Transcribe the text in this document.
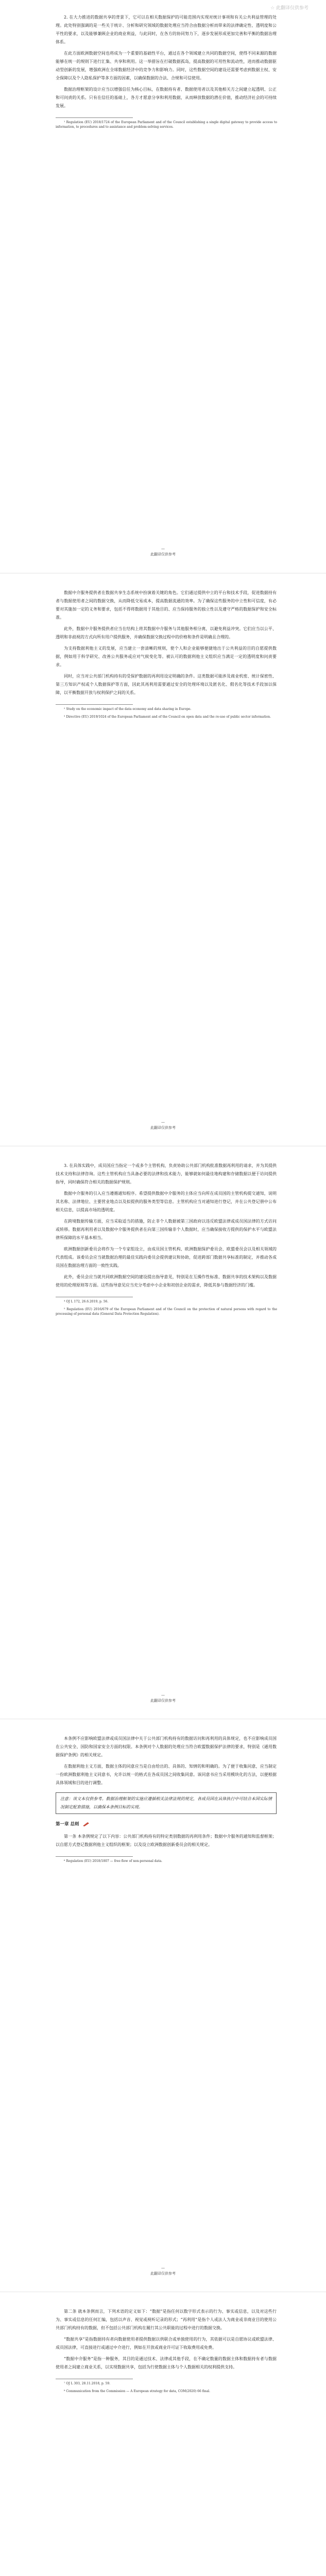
☆ 此翻译仅供参考

2. 在大力推进的数据共享的背景下，它可以在相关数据保护的可能范围内实现对统计事项和有关公共利益管理的处理。此处特别强调的是一些关于统计、分析和研究领域的数据处理应当符合由数据分析而带来的法律确定性、透明度和公平性的要求，以及能够兼顾企业的商业利益，与此同时，在各方的协同努力下，逐步发展形成更加完善和平衡的数据治理体系。

在此方面欧洲数据空间也将成为一个重要的基础性平台，通过在各个领域建立共同的数据空间，使得不同来源的数据能够在统一的规则下进行汇集、共享和利用。这一举措旨在打破数据孤岛，提高数据的可用性和流动性，进而推动数据驱动型创新的发展，增强欧洲在全球数据经济中的竞争力和影响力。同时，这些数据空间的建设还需要考虑到数据主权、安全保障以及个人隐私保护等多方面的因素，以确保数据的合法、合规和可信使用。

数据治理框架的设计应当以增强信任为核心目标，在数据持有者、数据使用者以及其他相关方之间建立起透明、公正和可问责的关系。只有在信任的基础上，各方才愿意分享和利用数据，从而释放数据的潜在价值，推动经济社会的可持续发展。

¹ Regulation (EU) 2018/1724 of the European Parliament and of the Council establishing a single digital gateway to provide access to information, to procedures and to assistance and problem-solving services.

—
此翻译仅供参考

数据中介服务提供者在数据共享生态系统中扮演着关键的角色。它们通过提供中立的平台和技术手段，促进数据持有者与数据使用者之间的数据交换，从而降低交易成本，提高数据流通的效率。为了确保这些服务的中立性和可信度，有必要对其施加一定的义务和要求，包括不得将数据用于其他目的、应当保持服务的独立性以及遵守严格的数据保护和安全标准。

此外，数据中介服务提供者应当在结构上将其数据中介服务与其他服务相分离，以避免利益冲突。它们应当以公平、透明和非歧视的方式向所有用户提供服务，并确保数据交换过程中的价格和条件是明确且合理的。

为支持数据利他主义的发展，应当建立一套清晰的规则，使个人和企业能够便捷地出于公共利益的目的自愿提供数据，例如用于科学研究、改善公共服务或应对气候变化等。被认可的数据利他主义组织应当满足一定的透明度和问责要求。

同时，应当对公共部门机构持有的受保护数据的再利用设定明确的条件。这类数据可能涉及商业机密、统计保密性、第三方知识产权或个人数据保护等方面，因此其再利用需要通过安全的处理环境以及匿名化、假名化等技术手段加以保障，以平衡数据开放与权利保护之间的关系。

² Study on the economic impact of the data economy and data sharing in Europe.

³ Directive (EU) 2019/1024 of the European Parliament and of the Council on open data and the re-use of public sector information.

—
此翻译仅供参考

3. 在具体实践中，成员国应当指定一个或多个主管机构，负责协助公共部门机构批准数据再利用的请求，并为其提供技术支持和法律咨询。这些主管机构应当具备必要的法律和技术能力，能够就如何最佳地构建和存储数据以便于访问提供指导，同时确保符合相关的数据保护规则。

数据中介服务的引入应当遵循通知程序。希望提供数据中介服务的主体应当向所在成员国的主管机构提交通知，说明其名称、法律地位、主要营业地点以及拟提供的服务类型等信息。主管机构应当对通知进行登记，并在公共登记册中公布相关信息，以提高市场的透明度。

在跨境数据传输方面，应当采取适当的措施，防止非个人数据被第三国政府以违反欧盟法律或成员国法律的方式访问或转移。数据再利用者以及数据中介服务提供者在向第三国传输非个人数据时，应当确保接收方提供的保护水平与欧盟法律所保障的水平基本相当。

欧洲数据创新委员会将作为一个专家组设立，由成员国主管机构、欧洲数据保护委员会、欧盟委员会以及相关领域的代表组成。该委员会应当就数据治理的最佳实践向委员会提供建议和协助，促进跨部门数据共享标准的制定，并推动各成员国在数据治理方面的一致性实践。

此外，委员会应当就共同欧洲数据空间的建设提出指导意见，特别是在互操作性标准、数据共享的技术架构以及数据使用的伦理原则等方面。这些指导意见应当充分考虑中小企业和初创企业的需求，降低其参与数据经济的门槛。

⁴ OJ L 172, 26.6.2019, p. 56.

⁵ Regulation (EU) 2016/679 of the European Parliament and of the Council on the protection of natural persons with regard to the processing of personal data (General Data Protection Regulation).

—
此翻译仅供参考

本条例不应影响欧盟法律或成员国法律中关于公共部门机构持有的数据访问和再利用的具体规定，也不应影响成员国在公共安全、国防和国家安全方面的权限。本条例对个人数据的处理应当符合欧盟数据保护法律的要求，特别是《通用数据保护条例》的相关规定。

在数据利他主义方面，数据主体的同意应当是自由给出的、具体的、知情的和明确的。为了便于收集同意，应当制定一份欧洲数据利他主义同意书，允许以统一的格式在各成员国之间收集同意。该同意书应当采用模块化的方法，以便根据具体领域和目的进行调整。

注意：该文本仅供参考。数据治理框架的实施应遵循相关法律法规的规定，各成员国在具体执行中可结合本国实际情况制定配套措施，以确保本条例目标的实现。

第一章 总则

第一条 本条例规定了以下内容：公共部门机构持有的特定类别数据的再利用条件；数据中介服务的通知和监督框架；以自愿方式登记数据利他主义组织的框架；以及设立欧洲数据创新委员会的相关规定。

⁶ Regulation (EU) 2018/1807 — free flow of non-personal data.

—
此翻译仅供参考

第二条 就本条例而言，下列术语的定义如下：“数据”是指任何以数字形式表示的行为、事实或信息，以及对这些行为、事实或信息的任何汇编，包括以声音、视觉或视听记录的形式；“再利用”是指个人或法人为商业或非商业目的使用公共部门机构持有的数据，但不包括公共部门机构在履行其公共职能的过程中进行的数据交换。

“数据共享”是指数据持有者向数据使用者提供数据以供联合或单独使用的行为，其依据可以是自愿协议或欧盟法律、成员国法律，可直接进行或通过中介进行，例如在开放或商业许可证下收取费用或免费。

“数据中介服务”是指一种服务，其目的是通过技术、法律或其他手段，在不确定数量的数据主体和数据持有者与数据使用者之间建立商业关系，以实现数据共享，包括为行使数据主体与个人数据相关的权利提供支持。

⁷ OJ L 303, 28.11.2018, p. 59.

⁸ Communication from the Commission — A European strategy for data, COM(2020) 66 final.
